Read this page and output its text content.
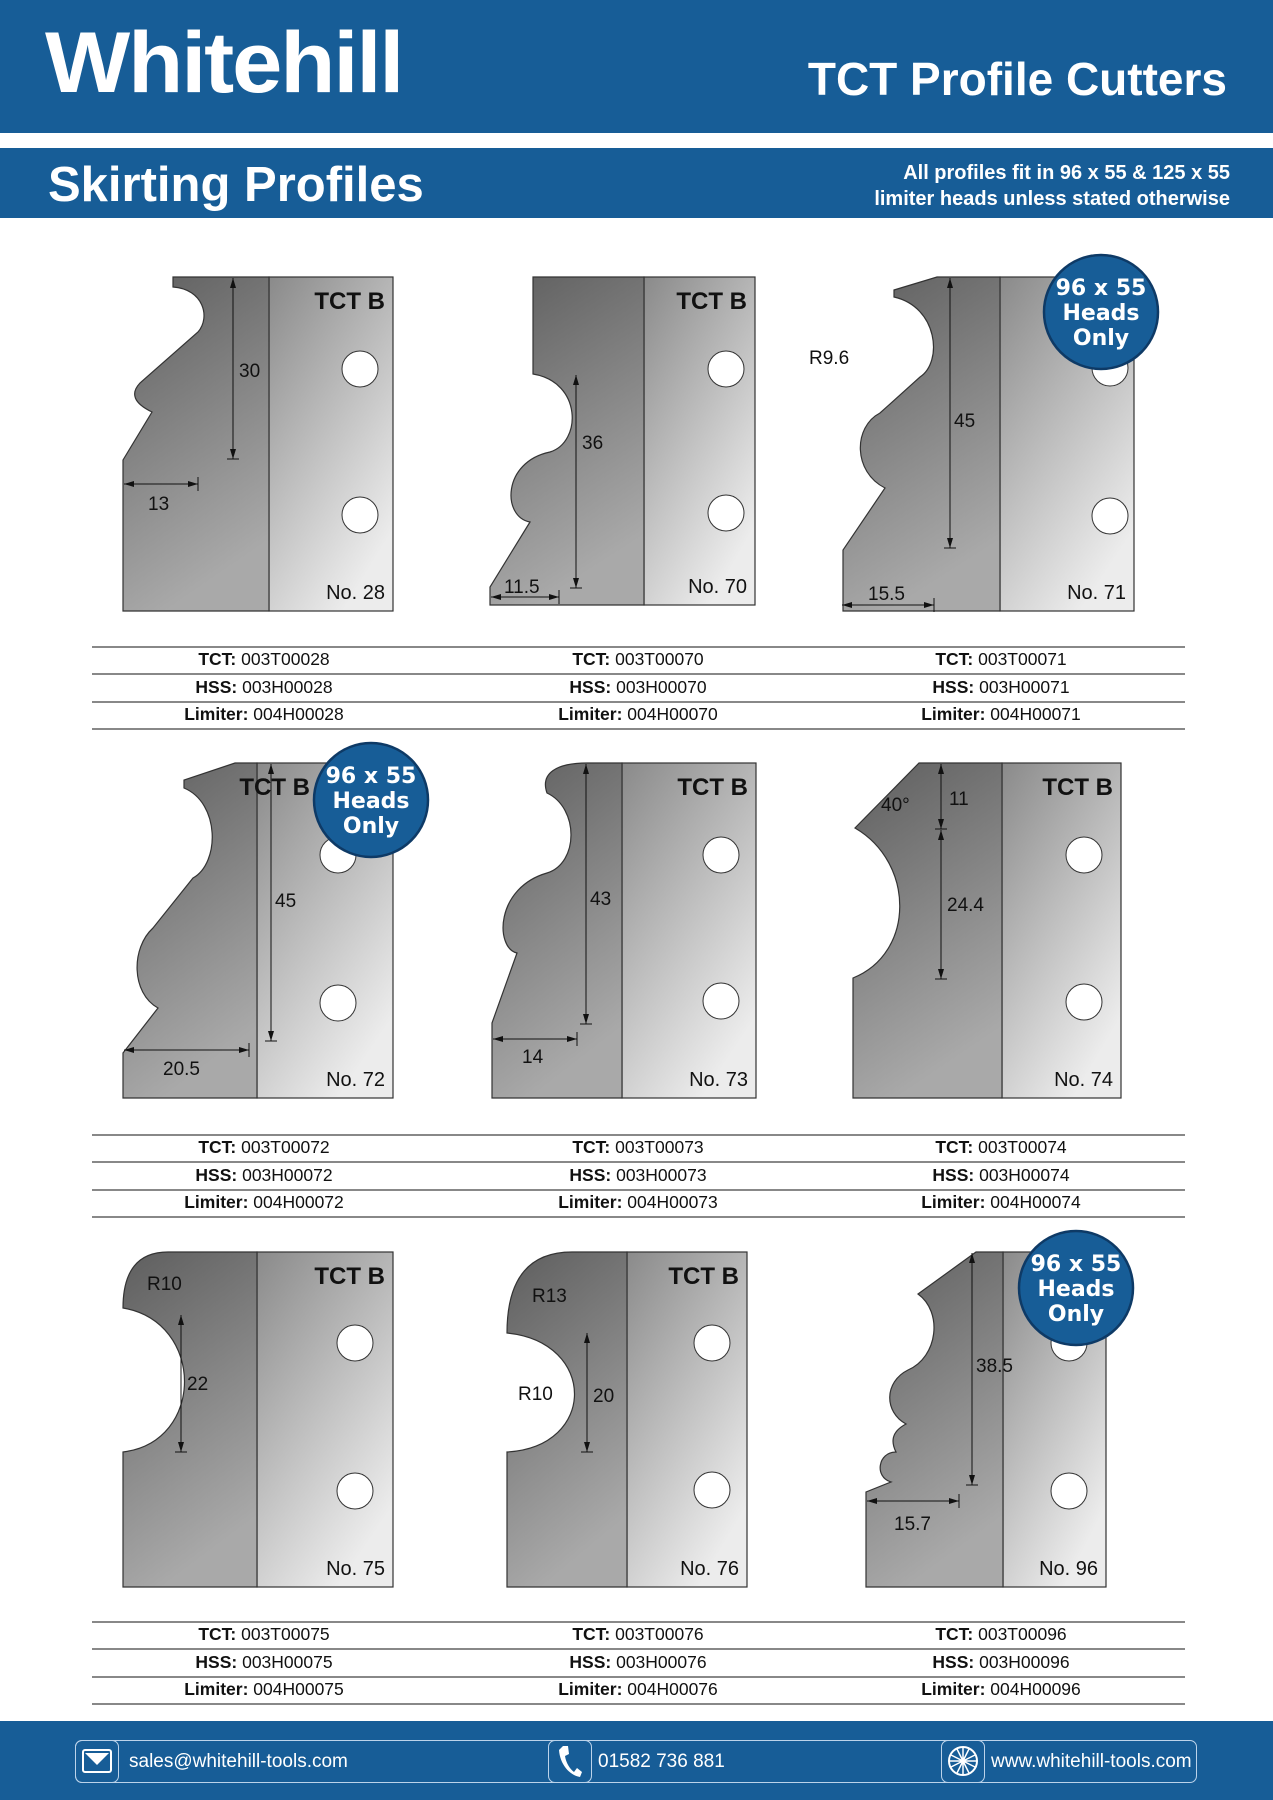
Whitehill	TCT Profile Cutters
Skirting Profiles	All profiles fit in 96 x 55 & 125 x 55
limiter heads unless stated otherwise
TCT B
No. 28
30
13
TCT B
No. 70
36
11.5	No. 71
45
15.5
R9.6
96 x 55
Heads
Only
TCT B
No. 72
45
20.5
96 x 55
Heads
Only
TCT B
No. 73
43
14
TCT B
No. 74
11
24.4
40°
TCT B
No. 75
22
R10	TCT B
No. 76
20
R13
R10
No. 96
38.5
15.7
96 x 55
Heads
Only
TCT: 003T00028
HSS: 003H00028
Limiter: 004H00028
TCT: 003T00070
HSS: 003H00070
Limiter: 004H00070
TCT: 003T00071
HSS: 003H00071
Limiter: 004H00071
TCT: 003T00072
HSS: 003H00072
Limiter: 004H00072
TCT: 003T00073
HSS: 003H00073
Limiter: 004H00073
TCT: 003T00074
HSS: 003H00074
Limiter: 004H00074
TCT: 003T00075
HSS: 003H00075
Limiter: 004H00075
TCT: 003T00076
HSS: 003H00076
Limiter: 004H00076
TCT: 003T00096
HSS: 003H00096
Limiter: 004H00096
sales@whitehill-tools.com	01582 736 881	www.whitehill-tools.com
